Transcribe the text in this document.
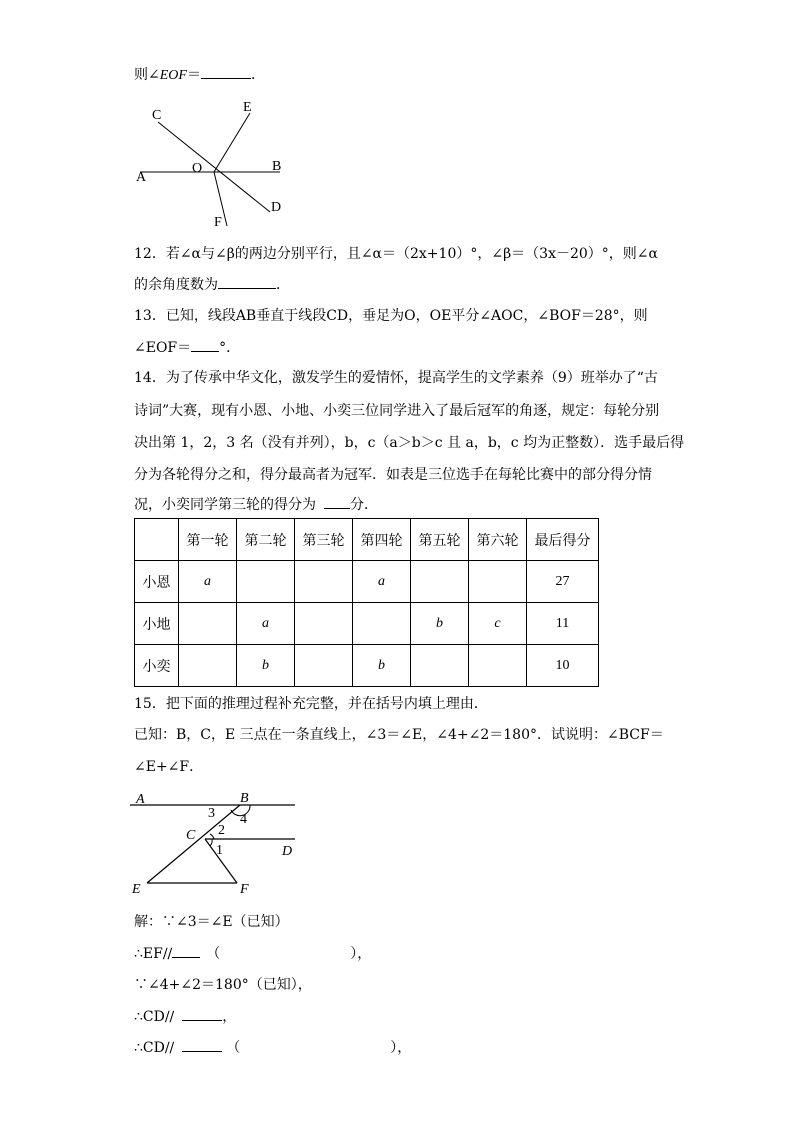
则∠EOF＝	．
C
E
A
O	B
F
D
12．若∠α与∠β的两边分别平行，且∠α＝（2x+10）°，∠β＝（3x－20）°，则∠α
的余角度数为	．
13．已知，线段AB垂直于线段CD，垂足为O，OE平分∠AOC，∠BOF＝28°，则
∠EOF＝ °．
14．为了传承中华文化，激发学生的爱情怀，提高学生的文学素养（9）班举办了“古
诗词”大赛，现有小恩、小地、小奕三位同学进入了最后冠军的角逐，规定：每轮分别
决出第 1，2，3 名（没有并列），b，c（a＞b＞c 且 a，b，c 均为正整数）．选手最后得
分为各轮得分之和，得分最高者为冠军．如表是三位选手在每轮比赛中的部分得分情
况，小奕同学第三轮的得分为 分．
	第一轮	第二轮	第三轮	第四轮	第五轮	第六轮	最后得分
小恩	a			a			27
小地		a			b	c	11
小奕		b		b			10
15．把下面的推理过程补充完整，并在括号内填上理由．
已知：B，C，E 三点在一条直线上，∠3＝∠E，∠4+∠2＝180°．试说明：∠BCF＝
∠E+∠F．
A	B
C
D
E	F
1
2
3 4
解：∵∠3＝∠E（已知）
∴EF∕∕ （	），
∵∠4+∠2＝180°（已知），
∴CD∕∕	，
∴CD∕∕	（	），
